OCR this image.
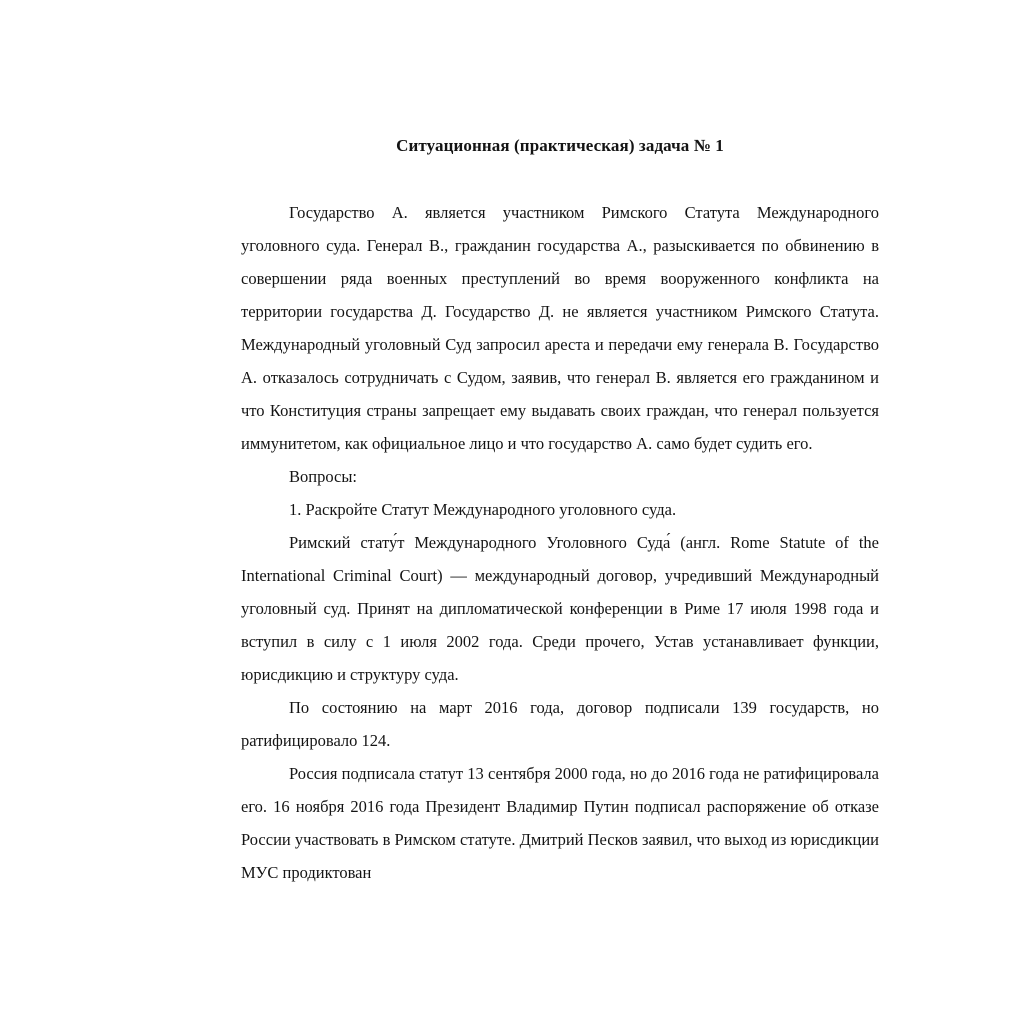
Ситуационная (практическая) задача № 1

Государство А. является участником Римского Статута Международного уголовного суда. Генерал В., гражданин государства А., разыскивается по обвинению в совершении ряда военных преступлений во время вооруженного конфликта на территории государства Д. Государство Д. не является участником Римского Статута. Международный уголовный Суд запросил ареста и передачи ему генерала В. Государство А. отказалось сотрудничать с Судом, заявив, что генерал В. является его гражданином и что Конституция страны запрещает ему выдавать своих граждан, что генерал пользуется иммунитетом, как официальное лицо и что государство А. само будет судить его.

Вопросы:

1. Раскройте Статут Международного уголовного суда.

Римский стату́т Международного Уголовного Суда́ (англ. Rome Statute of the International Criminal Court) — международный договор, учредивший Международный уголовный суд. Принят на дипломатической конференции в Риме 17 июля 1998 года и вступил в силу с 1 июля 2002 года. Среди прочего, Устав устанавливает функции, юрисдикцию и структуру суда.

По состоянию на март 2016 года, договор подписали 139 государств, но ратифицировало 124.

Россия подписала статут 13 сентября 2000 года, но до 2016 года не ратифицировала его. 16 ноября 2016 года Президент Владимир Путин подписал распоряжение об отказе России участвовать в Римском статуте. Дмитрий Песков заявил, что выход из юрисдикции МУС продиктован
